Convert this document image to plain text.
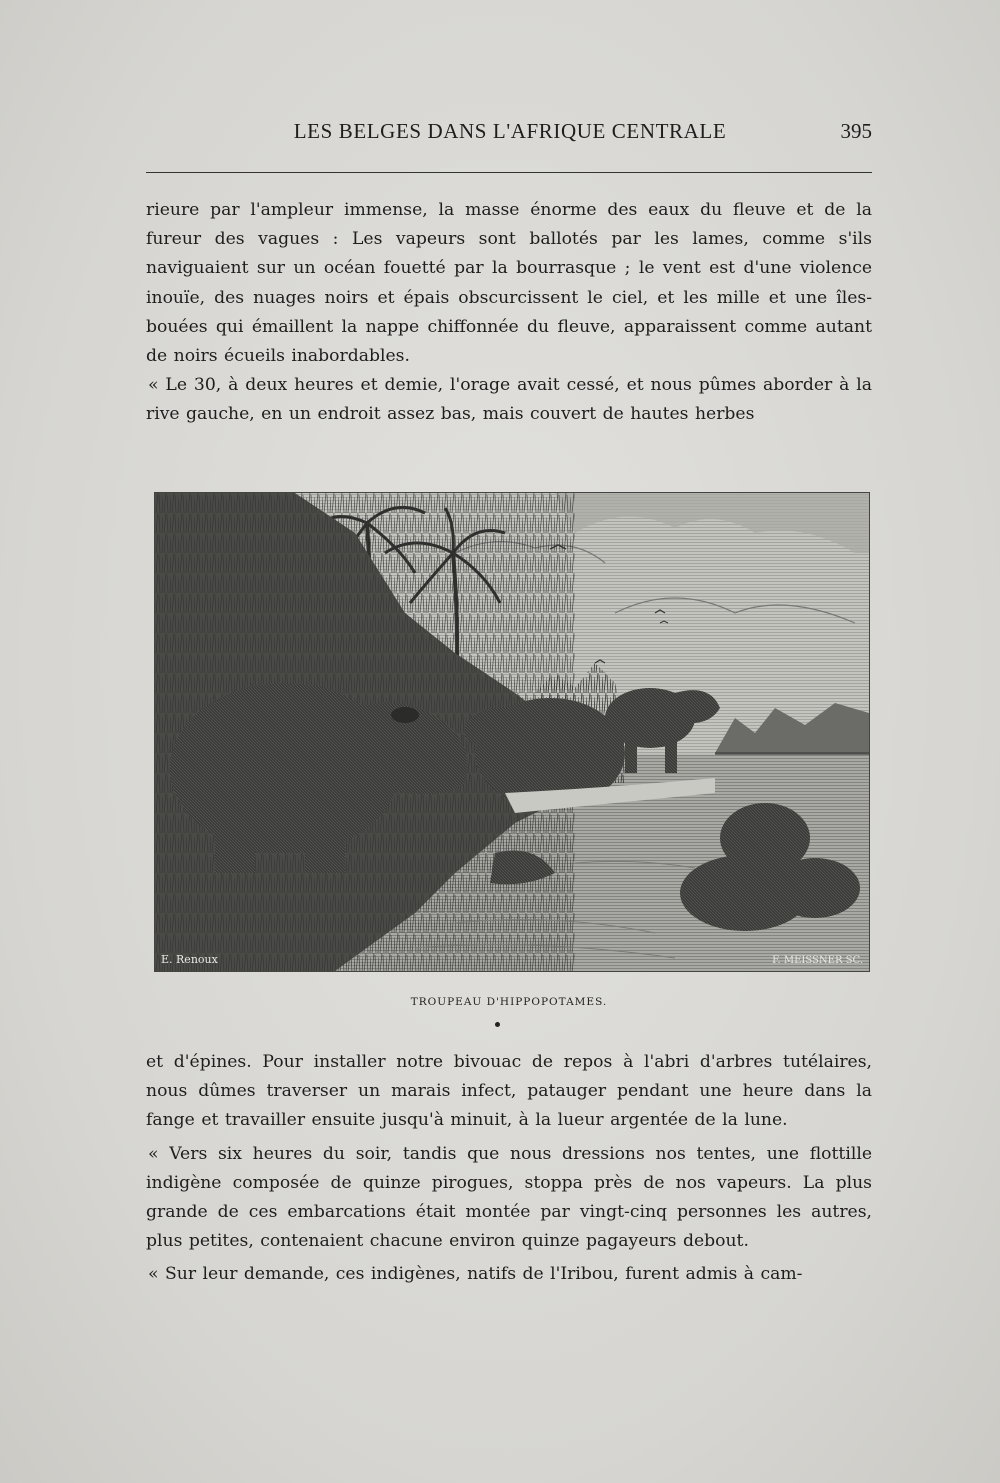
LES BELGES DANS L'AFRIQUE CENTRALE	395

rieure par l'ampleur immense, la masse énorme des eaux du fleuve et de la fureur des vagues : Les vapeurs sont ballotés par les lames, comme s'ils naviguaient sur un océan fouetté par la bourrasque ; le vent est d'une violence inouïe, des nuages noirs et épais obscurcissent le ciel, et les mille et une îles-bouées qui émaillent la nappe chiffonnée du fleuve, apparaissent comme autant de noirs écueils inabordables.

« Le 30, à deux heures et demie, l'orage avait cessé, et nous pûmes aborder à la rive gauche, en un endroit assez bas, mais couvert de hautes herbes

E. Renoux	F. MEISSNER SC.
TROUPEAU D'HIPPOPOTAMES.

et d'épines. Pour installer notre bivouac de repos à l'abri d'arbres tutélaires, nous dûmes traverser un marais infect, patauger pendant une heure dans la fange et travailler ensuite jusqu'à minuit, à la lueur argentée de la lune.

« Vers six heures du soir, tandis que nous dressions nos tentes, une flottille indigène composée de quinze pirogues, stoppa près de nos vapeurs. La plus grande de ces embarcations était montée par vingt-cinq personnes les autres, plus petites, contenaient chacune environ quinze pagayeurs debout.

« Sur leur demande, ces indigènes, natifs de l'Iribou, furent admis à cam-
